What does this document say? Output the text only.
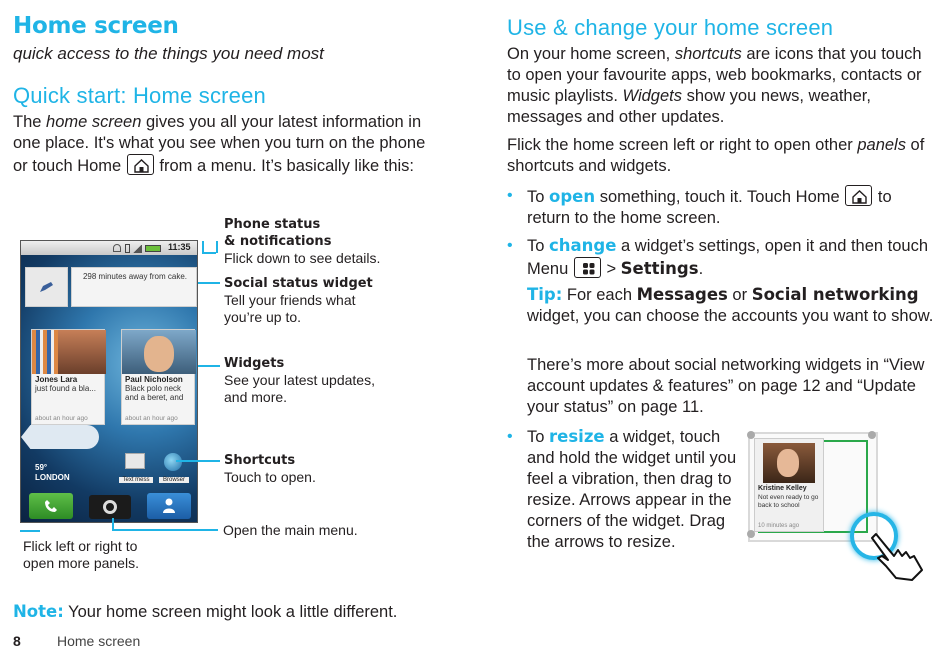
Home screen
quick access to the things you need most
Quick start: Home screen
The home screen gives you all your latest information in one place. It's what you see when you turn on the phone or touch Home  from a menu. It’s basically like this:
11:35
298 minutes away from cake.
Jones Lara
just found a bla...
about an hour ago
Paul Nicholson
Black polo neck and a beret, and
about an hour ago
59°
LONDON	Text mess	Browser
Phone status
& notifications
Flick down to see details.
Social status widget
Tell your friends what you’re up to.
Widgets
See your latest updates, and more.
Shortcuts
Touch to open.
Open the main menu.
Flick left or right to open more panels.
Note: Your home screen might look a little different.
8	Home screen
Use & change your home screen
On your home screen, shortcuts are icons that you touch to open your favourite apps, web bookmarks, contacts or music playlists. Widgets show you news, weather, messages and other updates.
Flick the home screen left or right to open other panels of shortcuts and widgets.
• To open something, touch it. Touch Home  to return to the home screen.
• To change a widget’s settings, open it and then touch Menu  > Settings.
Tip: For each Messages or Social networking widget, you can choose the accounts you want to show.
There’s more about social networking widgets in “View account updates & features” on page 12 and “Update your status” on page 11.
• To resize a widget, touch and hold the widget until you feel a vibration, then drag to resize. Arrows appear in the corners of the widget. Drag the arrows to resize.
Kristine Kelley
Not even ready to go back to school
10 minutes ago
